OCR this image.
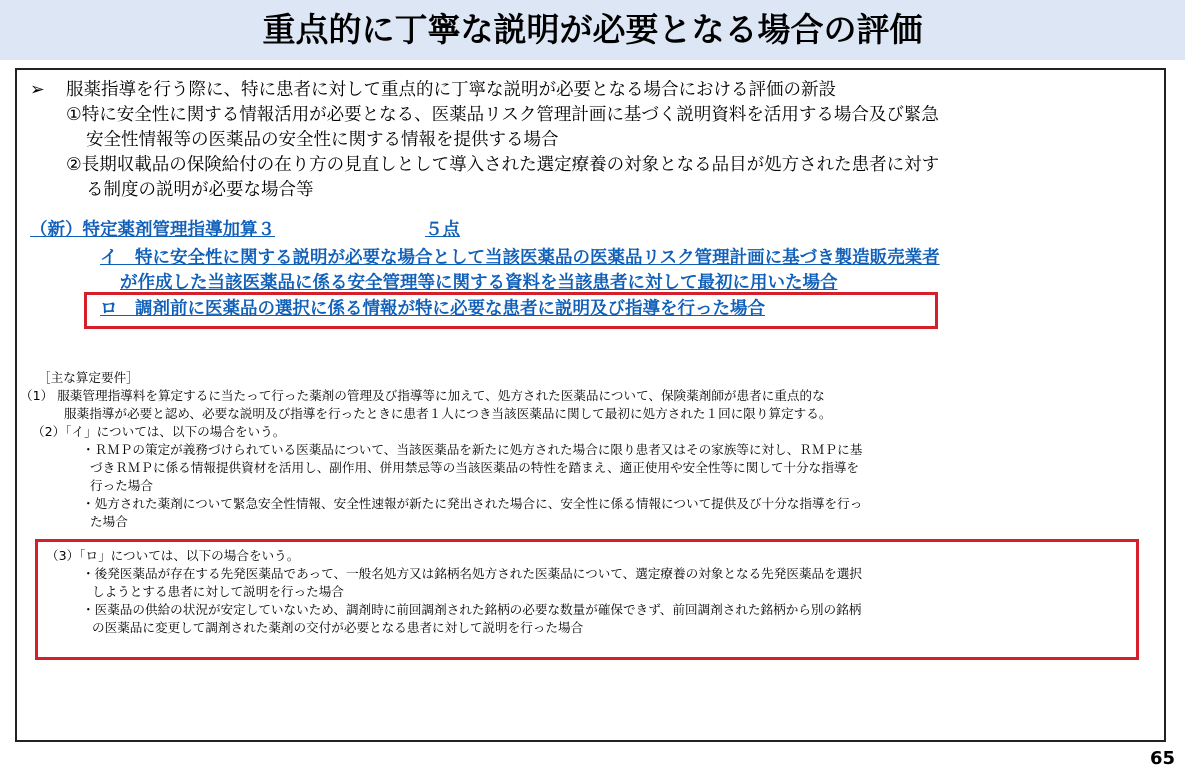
重点的に丁寧な説明が必要となる場合の評価
➢ 服薬指導を行う際に、特に患者に対して重点的に丁寧な説明が必要となる場合における評価の新設
①特に安全性に関する情報活用が必要となる、医薬品リスク管理計画に基づく説明資料を活用する場合及び緊急
安全性情報等の医薬品の安全性に関する情報を提供する場合
②長期収載品の保険給付の在り方の見直しとして導入された選定療養の対象となる品目が処方された患者に対す
る制度の説明が必要な場合等
（新）特定薬剤管理指導加算３	５点
イ　特に安全性に関する説明が必要な場合として当該医薬品の医薬品リスク管理計画に基づき製造販売業者
が作成した当該医薬品に係る安全管理等に関する資料を当該患者に対して最初に用いた場合
ロ　調剤前に医薬品の選択に係る情報が特に必要な患者に説明及び指導を行った場合
［主な算定要件］
（1） 服薬管理指導料を算定するに当たって行った薬剤の管理及び指導等に加えて、処方された医薬品について、保険薬剤師が患者に重点的な
服薬指導が必要と認め、必要な説明及び指導を行ったときに患者１人につき当該医薬品に関して最初に処方された１回に限り算定する。
（2）「イ」については、以下の場合をいう。
・ＲＭＰの策定が義務づけられている医薬品について、当該医薬品を新たに処方された場合に限り患者又はその家族等に対し、ＲＭＰに基
づきＲＭＰに係る情報提供資材を活用し、副作用、併用禁忌等の当該医薬品の特性を踏まえ、適正使用や安全性等に関して十分な指導を
行った場合
・処方された薬剤について緊急安全性情報、安全性速報が新たに発出された場合に、安全性に係る情報について提供及び十分な指導を行っ
た場合
（3）「ロ」については、以下の場合をいう。
・後発医薬品が存在する先発医薬品であって、一般名処方又は銘柄名処方された医薬品について、選定療養の対象となる先発医薬品を選択
しようとする患者に対して説明を行った場合
・医薬品の供給の状況が安定していないため、調剤時に前回調剤された銘柄の必要な数量が確保できず、前回調剤された銘柄から別の銘柄
の医薬品に変更して調剤された薬剤の交付が必要となる患者に対して説明を行った場合
65
